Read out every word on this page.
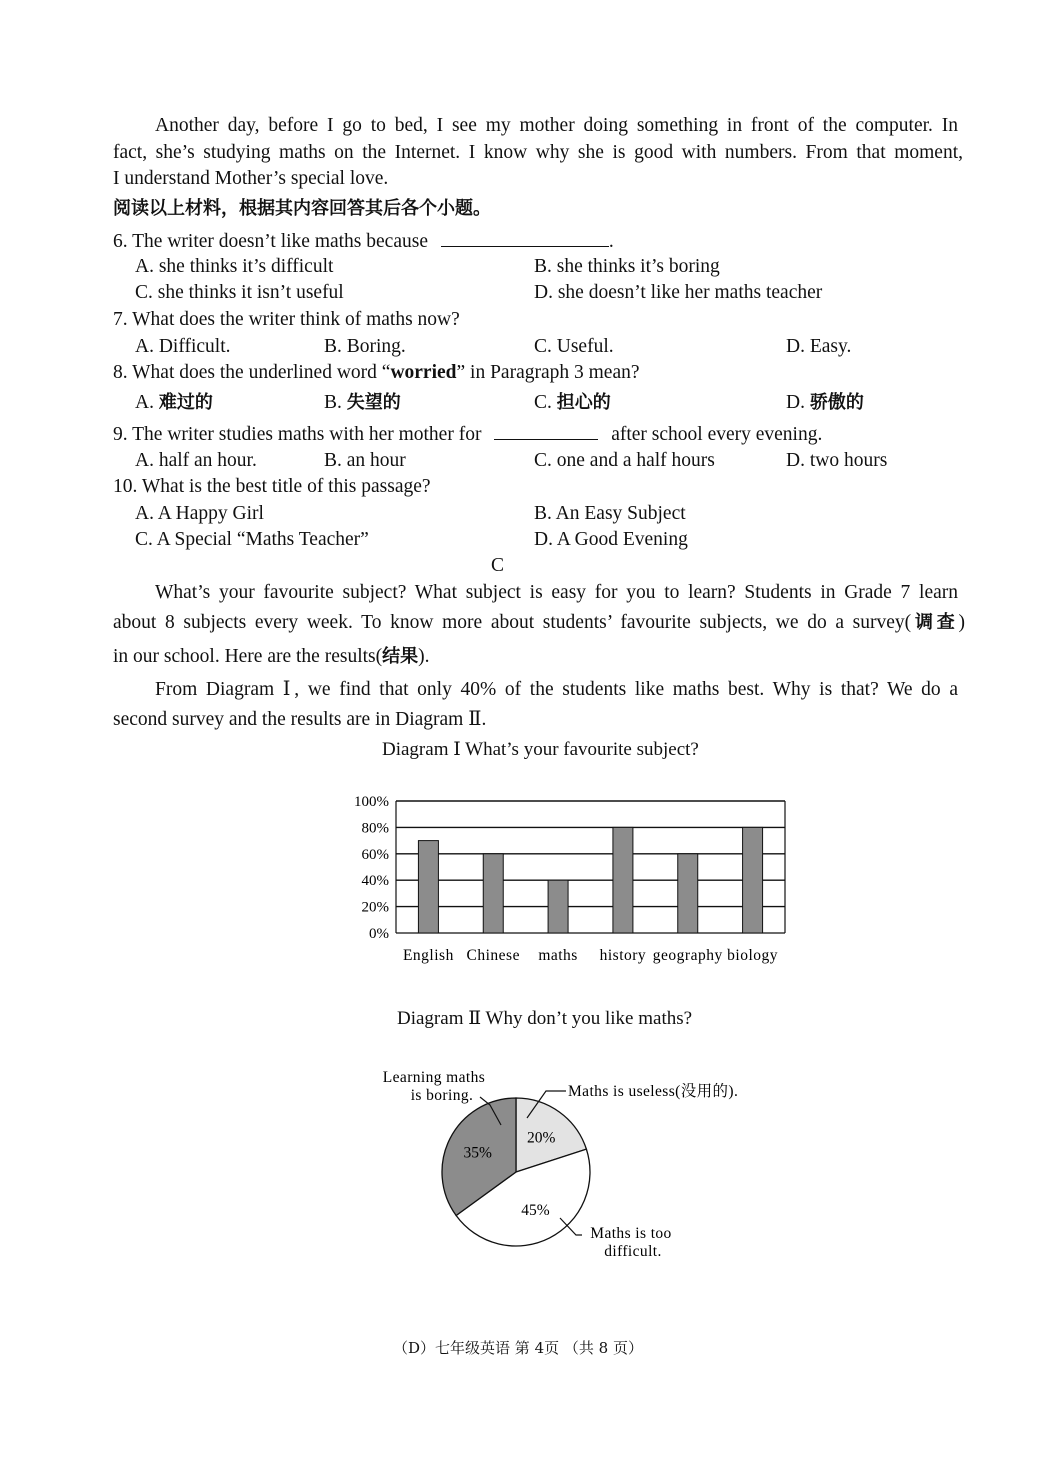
Another day, before I go to bed, I see my mother doing something in front of the computer. In
fact, she’s studying maths on the Internet. I know why she is good with numbers. From that moment,
I understand Mother’s special love.
阅读以上材料，根据其内容回答其后各个小题。
6. The writer doesn’t like maths because	.
A. she thinks it’s difficult	B. she thinks it’s boring
C. she thinks it isn’t useful	D. she doesn’t like her maths teacher
7. What does the writer think of maths now?
A. Difficult.	B. Boring.	C. Useful.	D. Easy.
8. What does the underlined word “worried” in Paragraph 3 mean?
A. 难过的	B. 失望的	C. 担心的	D. 骄傲的
9. The writer studies maths with her mother for	after school every evening.
A. half an hour.	B. an hour	C. one and a half hours	D. two hours
10. What is the best title of this passage?
A. A Happy Girl	B. An Easy Subject
C. A Special “Maths Teacher”	D. A Good Evening
C
What’s your favourite subject? What subject is easy for you to learn? Students in Grade 7 learn
about 8 subjects every week. To know more about students’ favourite subjects, we do a survey(调查)
in our school. Here are the results(结果).
From Diagram Ⅰ, we find that only 40% of the students like maths best. Why is that? We do a
second survey and the results are in Diagram Ⅱ.
Diagram Ⅰ What’s your favourite subject?
0%
20%
40%
60%
80%
100%
English Chinese maths history geography biology
Diagram Ⅱ Why don’t you like maths?
20%
45%
35%
Maths is useless(没用的).
Maths is too
difficult.
Learning maths
is boring.
（D）七年级英语 第 4页 （共 8 页）
